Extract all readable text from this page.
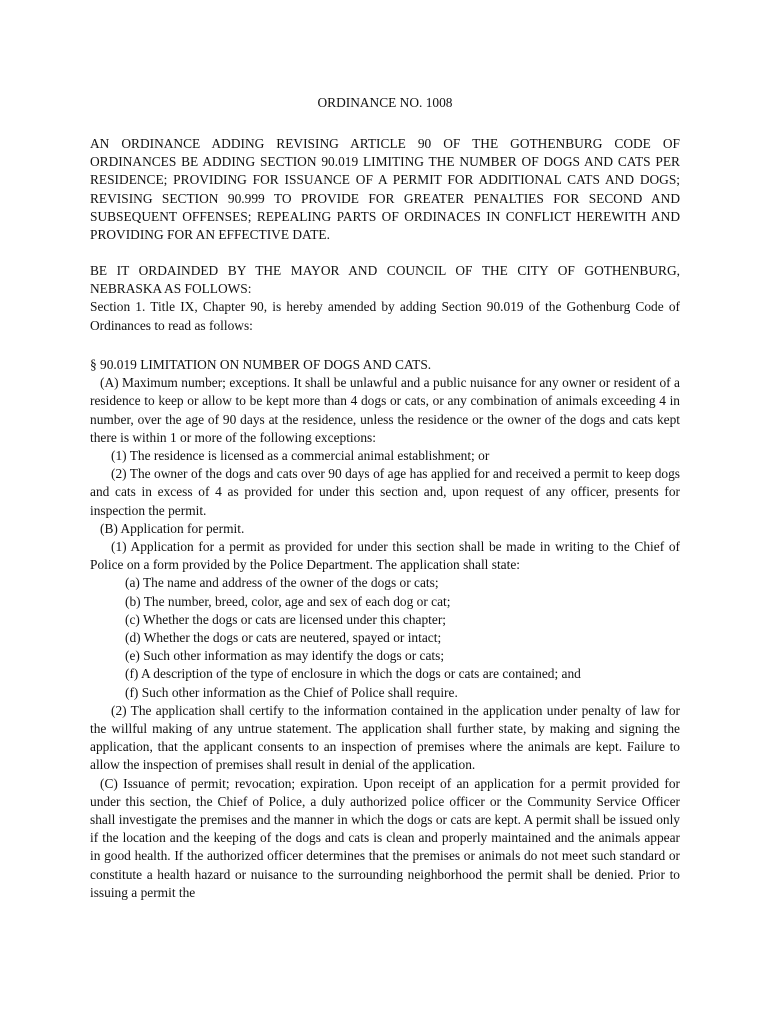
ORDINANCE NO. 1008

AN ORDINANCE ADDING REVISING ARTICLE 90 OF THE GOTHENBURG CODE OF ORDINANCES BE ADDING SECTION 90.019 LIMITING THE NUMBER OF DOGS AND CATS PER RESIDENCE; PROVIDING FOR ISSUANCE OF A PERMIT FOR ADDITIONAL CATS AND DOGS; REVISING SECTION 90.999 TO PROVIDE FOR GREATER PENALTIES FOR SECOND AND SUBSEQUENT OFFENSES; REPEALING PARTS OF ORDINACES IN CONFLICT HEREWITH AND PROVIDING FOR AN EFFECTIVE DATE.

BE IT ORDAINDED BY THE MAYOR AND COUNCIL OF THE CITY OF GOTHENBURG, NEBRASKA AS FOLLOWS:

Section 1. Title IX, Chapter 90, is hereby amended by adding Section 90.019 of the Gothenburg Code of Ordinances to read as follows:

§ 90.019 LIMITATION ON NUMBER OF DOGS AND CATS.

(A) Maximum number; exceptions. It shall be unlawful and a public nuisance for any owner or resident of a residence to keep or allow to be kept more than 4 dogs or cats, or any combination of animals exceeding 4 in number, over the age of 90 days at the residence, unless the residence or the owner of the dogs and cats kept there is within 1 or more of the following exceptions:

(1) The residence is licensed as a commercial animal establishment; or

(2) The owner of the dogs and cats over 90 days of age has applied for and received a permit to keep dogs and cats in excess of 4 as provided for under this section and, upon request of any officer, presents for inspection the permit.

(B) Application for permit.

(1) Application for a permit as provided for under this section shall be made in writing to the Chief of Police on a form provided by the Police Department. The application shall state:

(a) The name and address of the owner of the dogs or cats;

(b) The number, breed, color, age and sex of each dog or cat;

(c) Whether the dogs or cats are licensed under this chapter;

(d) Whether the dogs or cats are neutered, spayed or intact;

(e) Such other information as may identify the dogs or cats;

(f) A description of the type of enclosure in which the dogs or cats are contained; and

(f) Such other information as the Chief of Police shall require.

(2) The application shall certify to the information contained in the application under penalty of law for the willful making of any untrue statement. The application shall further state, by making and signing the application, that the applicant consents to an inspection of premises where the animals are kept. Failure to allow the inspection of premises shall result in denial of the application.

(C) Issuance of permit; revocation; expiration. Upon receipt of an application for a permit provided for under this section, the Chief of Police, a duly authorized police officer or the Community Service Officer shall investigate the premises and the manner in which the dogs or cats are kept. A permit shall be issued only if the location and the keeping of the dogs and cats is clean and properly maintained and the animals appear in good health. If the authorized officer determines that the premises or animals do not meet such standard or constitute a health hazard or nuisance to the surrounding neighborhood the permit shall be denied. Prior to issuing a permit the
